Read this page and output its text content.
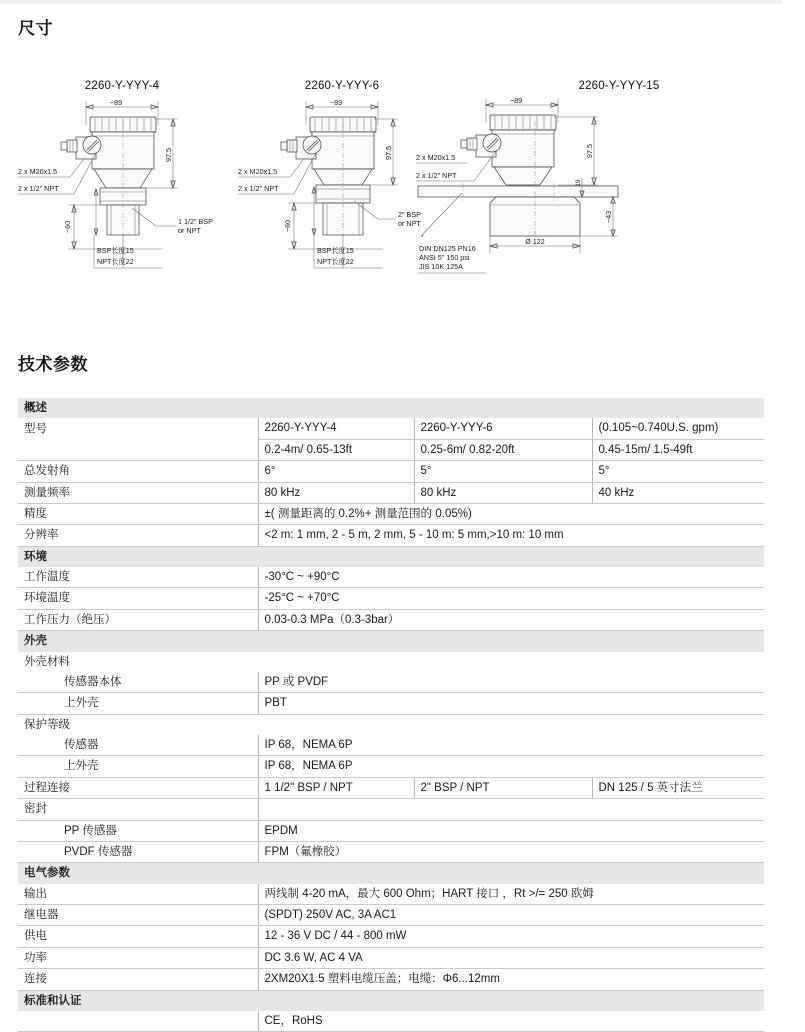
尺寸
2260-Y-YYY-4
~89
97.5
~60
2 x M20x1.5
2 x 1/2" NPT
1 1/2" BSP
or NPT
BSP长度15
NPT长度22
2260-Y-YYY-6
~89
97.5
~60
2 x M20x1.5
2 x 1/2" NPT
2" BSP
or NPT
BSP长度15
NPT长度22
2260-Y-YYY-15
~89
97.5
19
~43
Ø 122
2 x M20x1.5
2 x 1/2" NPT
*
DIN DN125 PN16
ANSI 5" 150 psi
JIS 10K 125A
技术参数
概述			
型号	2260-Y-YYY-4	2260-Y-YYY-6	(0.105~0.740U.S. gpm)
	0.2-4m/ 0.65-13ft	0.25-6m/ 0.82-20ft	0.45-15m/ 1.5-49ft
总发射角	6°	5°	5°
测量频率	80 kHz	80 kHz	40 kHz
精度	±( 测量距离的 0.2%+ 测量范围的 0.05%)		
分辨率	<2 m: 1 mm, 2 - 5 m, 2 mm, 5 - 10 m: 5 mm,>10 m: 10 mm		
环境			
工作温度	-30°C ~ +90°C		
环境温度	-25°C ~ +70°C		
工作压力（绝压）	0.03-0.3 MPa（0.3-3bar）		
外壳			
外壳材料			
传感器本体	PP 或 PVDF		
上外壳	PBT		
保护等级			
传感器	IP 68，NEMA 6P		
上外壳	IP 68，NEMA 6P		
过程连接	1 1/2" BSP / NPT	2" BSP / NPT	DN 125 / 5 英寸法兰
密封			
PP 传感器	EPDM		
PVDF 传感器	FPM（氟橡胶）		
电气参数			
输出	两线制 4-20 mA，最大 600 Ohm；HART 接口 ，Rt >/= 250 欧姆		
继电器	(SPDT) 250V AC, 3A AC1		
供电	12 - 36 V DC / 44 - 800 mW		
功率	DC 3.6 W, AC 4 VA		
连接	2XM20X1.5 塑料电缆压盖；电缆：Φ6...12mm		
标准和认证			
	CE，RoHS		
